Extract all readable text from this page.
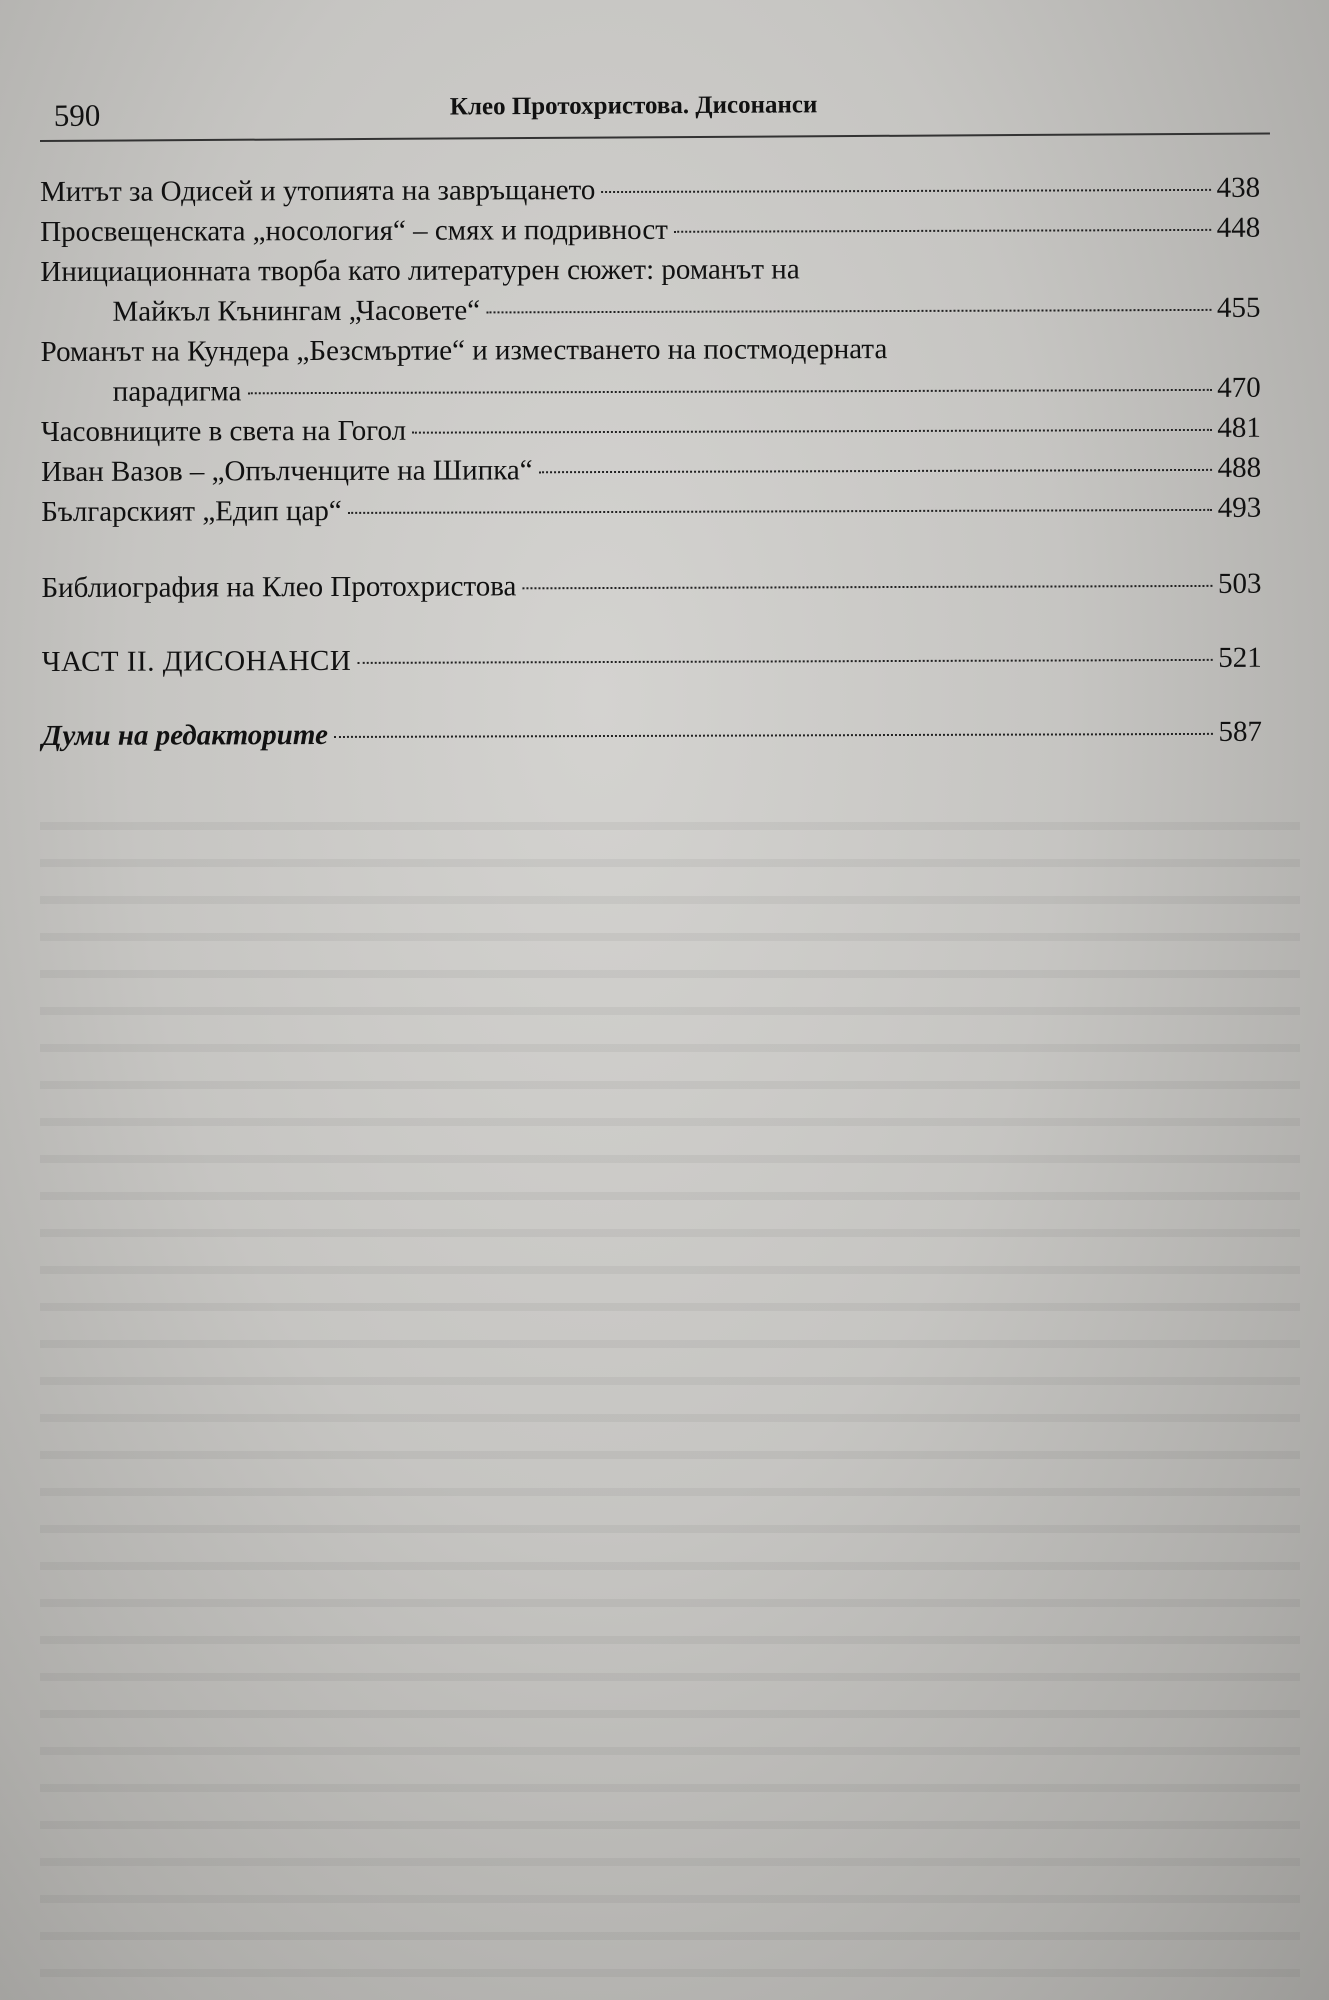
590	Клео Протохристова. Дисонанси
Митът за Одисей и утопията на завръщането	438
Просвещенската „носология“ – смях и подривност	448
Инициационната творба като литературен сюжет: романът на
Майкъл Кънингам „Часовете“	455
Романът на Кундера „Безсмъртие“ и изместването на постмодерната
парадигма	470
Часовниците в света на Гогол	481
Иван Вазов – „Опълченците на Шипка“	488
Българският „Едип цар“	493
Библиография на Клео Протохристова	503
ЧАСТ II. ДИСОНАНСИ	521
Думи на редакторите	587
